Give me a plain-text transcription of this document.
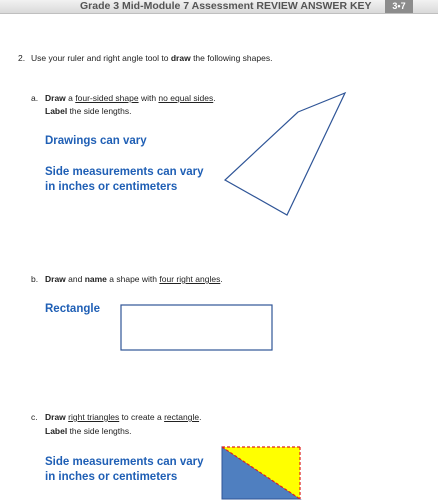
Grade 3 Mid-Module 7 Assessment REVIEW ANSWER KEY	3•7
2. Use your ruler and right angle tool to draw the following shapes.
a. Draw a four-sided shape with no equal sides.
Label the side lengths.
Drawings can vary
Side measurements can vary
in inches or centimeters
b. Draw and name a shape with four right angles.
Rectangle
c. Draw right triangles to create a rectangle.
Label the side lengths.
Side measurements can vary
in inches or centimeters
